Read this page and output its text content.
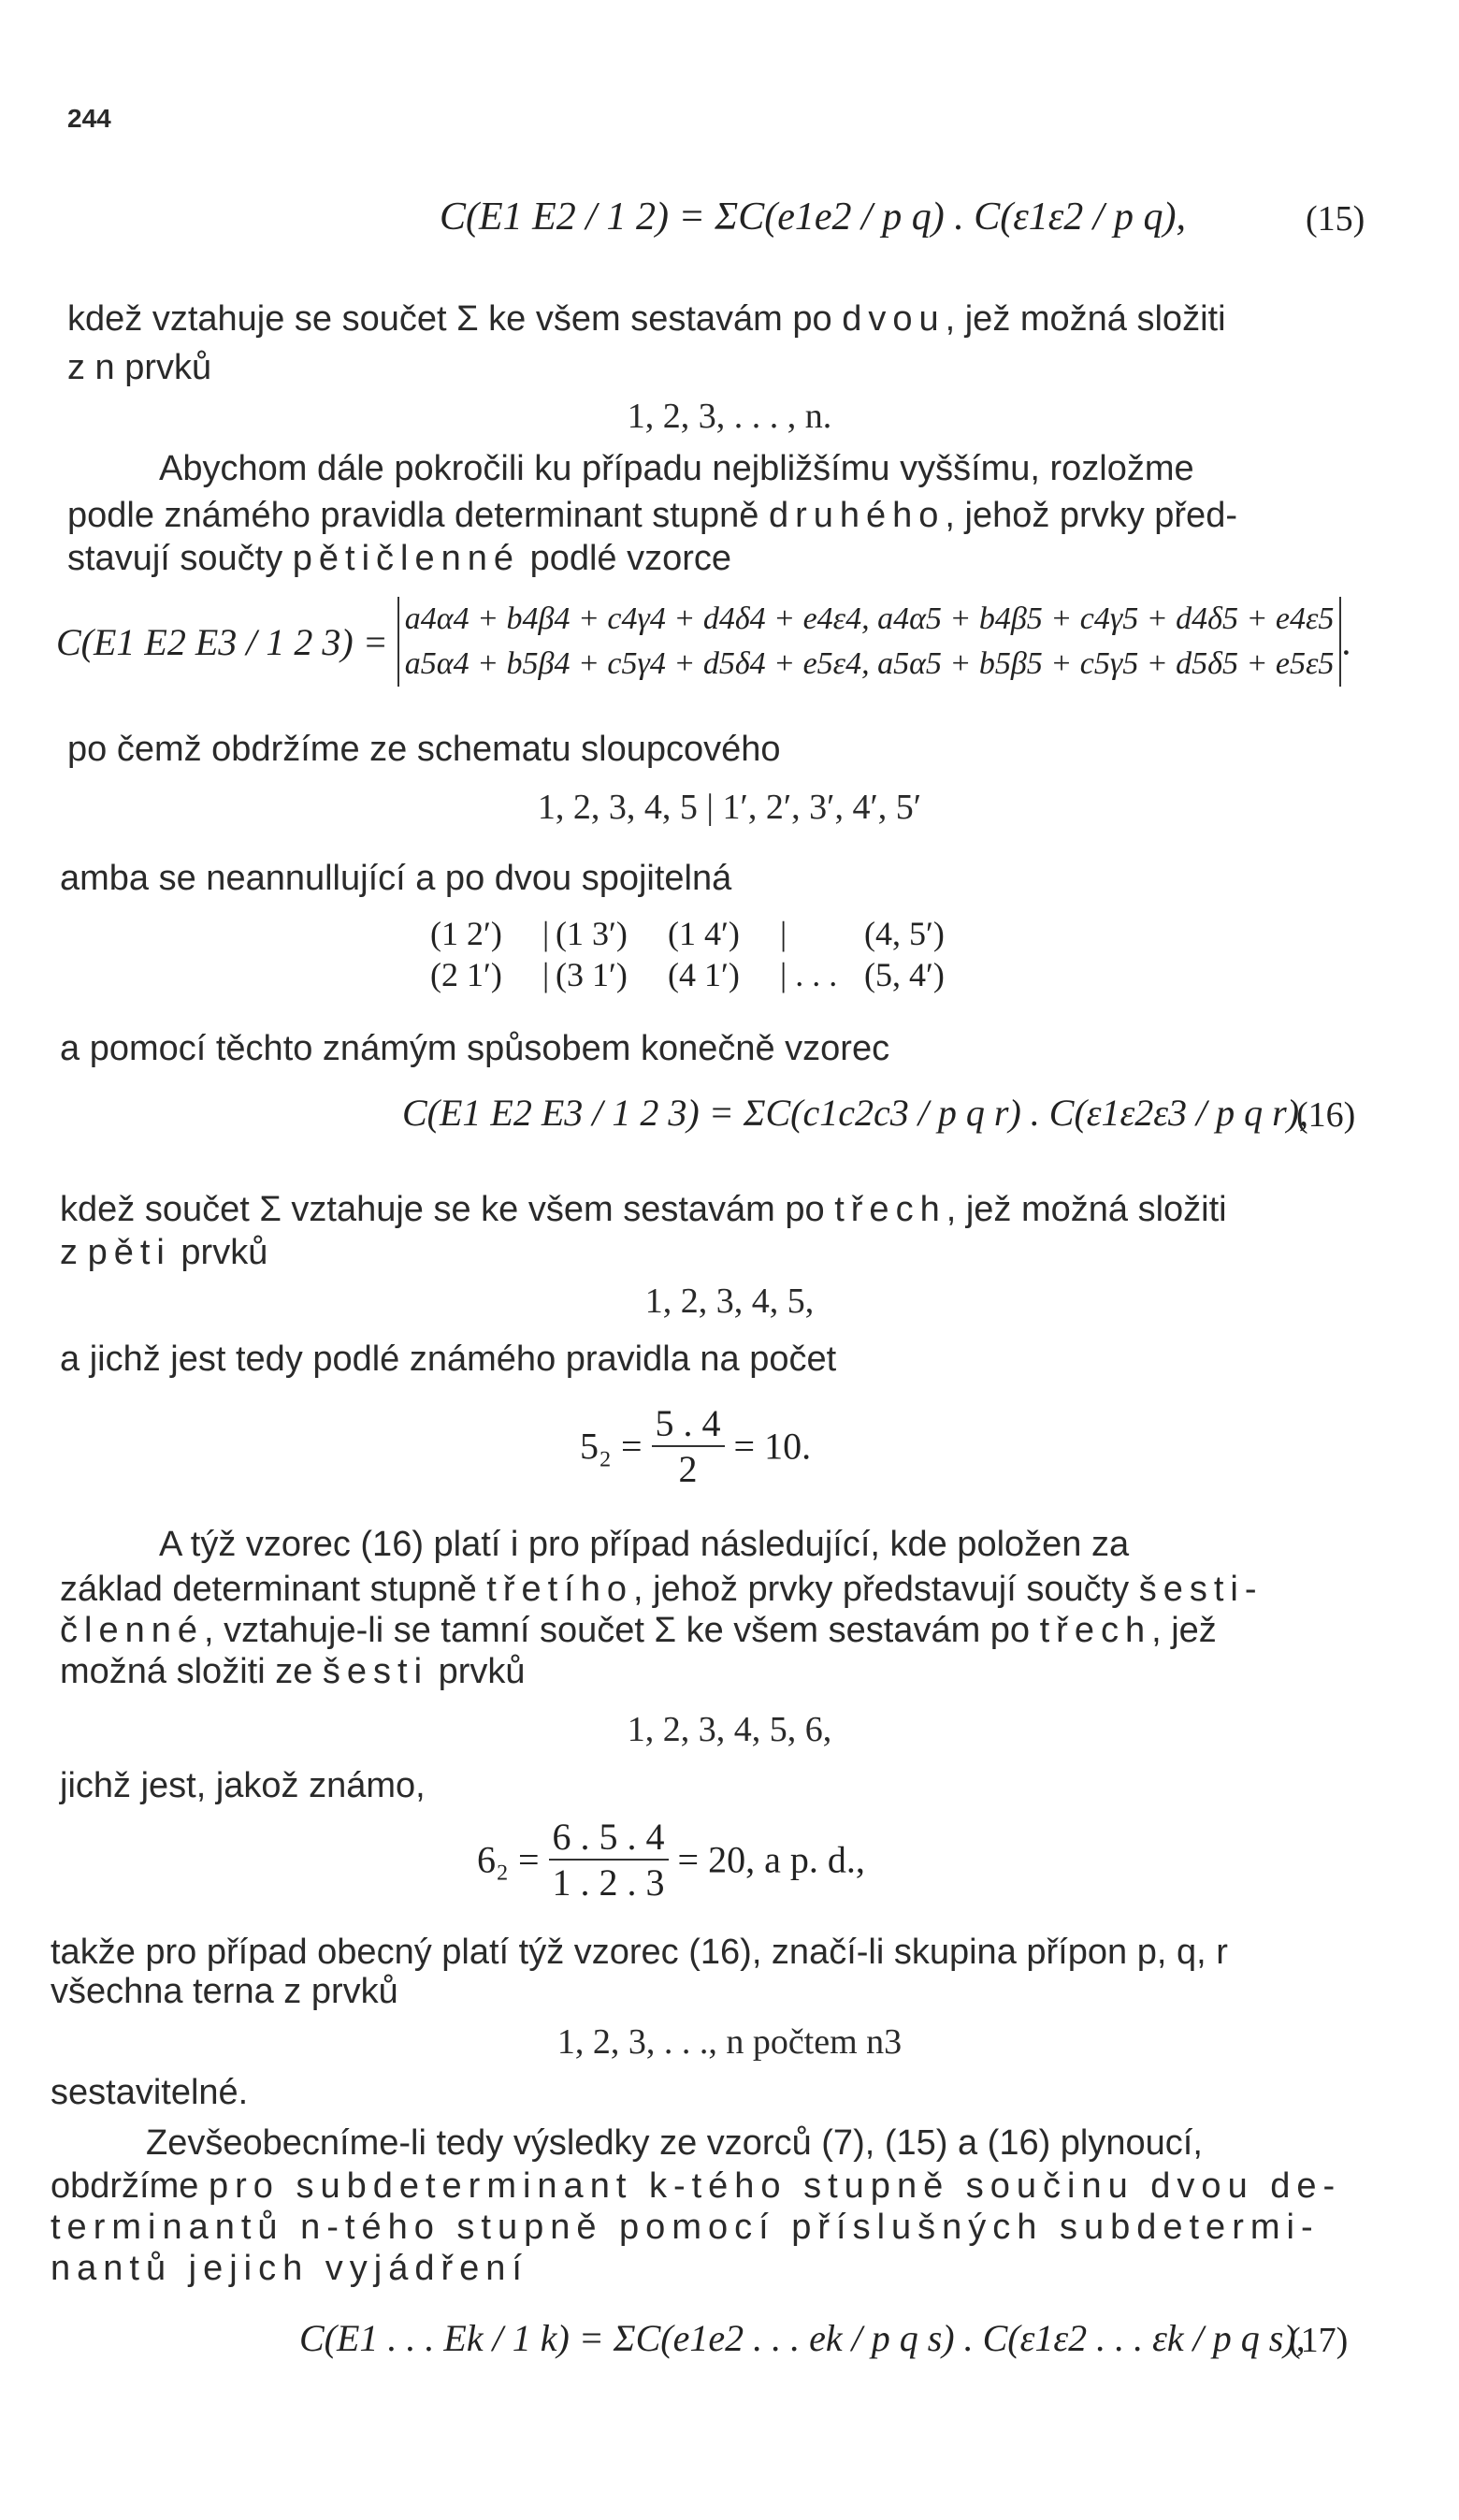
244
C(E1 E2 / 1 2) = ΣC(e1e2 / p q) . C(ε1ε2 / p q),	(15)
kdež vztahuje se součet Σ ke všem sestavám po dvou, jež možná složiti
z n prvků
1, 2, 3, . . . , n.
Abychom dále pokročili ku případu nejbližšímu vyššímu, rozložme
podle známého pravidla determinant stupně druhého, jehož prvky před-
stavují součty pětičlenné podlé vzorce
C(E1 E2 E3 / 1 2 3) =
a4α4 + b4β4 + c4γ4 + d4δ4 + e4ε4, a4α5 + b4β5 + c4γ5 + d4δ5 + e4ε5
a5α4 + b5β4 + c5γ4 + d5δ4 + e5ε4, a5α5 + b5β5 + c5γ5 + d5δ5 + e5ε5
.
po čemž obdržíme ze schematu sloupcového
1, 2, 3, 4, 5 | 1′, 2′, 3′, 4′, 5′
amba se neannullující a po dvou spojitelná
(1 2′) | (1 3′) (1 4′) | (4, 5′)
(2 1′) | (3 1′) (4 1′) | . . . (5, 4′)
a pomocí těchto známým spůsobem konečně vzorec
C(E1 E2 E3 / 1 2 3) = ΣC(c1c2c3 / p q r) . C(ε1ε2ε3 / p q r),
(16)
kdež součet Σ vztahuje se ke všem sestavám po třech, jež možná složiti
z pěti prvků
1, 2, 3, 4, 5,
a jichž jest tedy podlé známého pravidla na počet
$5_2 = \frac{5 . 4}{2} = 10$.
A týž vzorec (16) platí i pro případ následující, kde položen za
základ determinant stupně třetího, jehož prvky představují součty šesti-
členné, vztahuje-li se tamní součet Σ ke všem sestavám po třech, jež
možná složiti ze šesti prvků
1, 2, 3, 4, 5, 6,
jichž jest, jakož známo,
$6_2 = \frac{6 . 5 . 4}{1 . 2 . 3} = 20$, a p. d.,
takže pro případ obecný platí týž vzorec (16), značí-li skupina přípon p, q, r
všechna terna z prvků
1, 2, 3, . . ., n počtem n3
sestavitelné.
Zevšeobecníme-li tedy výsledky ze vzorců (7), (15) a (16) plynoucí,
obdržíme pro subdeterminant k-tého stupně součinu dvou de-
terminantů n-tého stupně pomocí příslušných subdetermi-
nantů jejich vyjádření
C(E1 . . . Ek / 1 k) = ΣC(e1e2 . . . ek / p q s) . C(ε1ε2 . . . εk / p q s),
(17)
